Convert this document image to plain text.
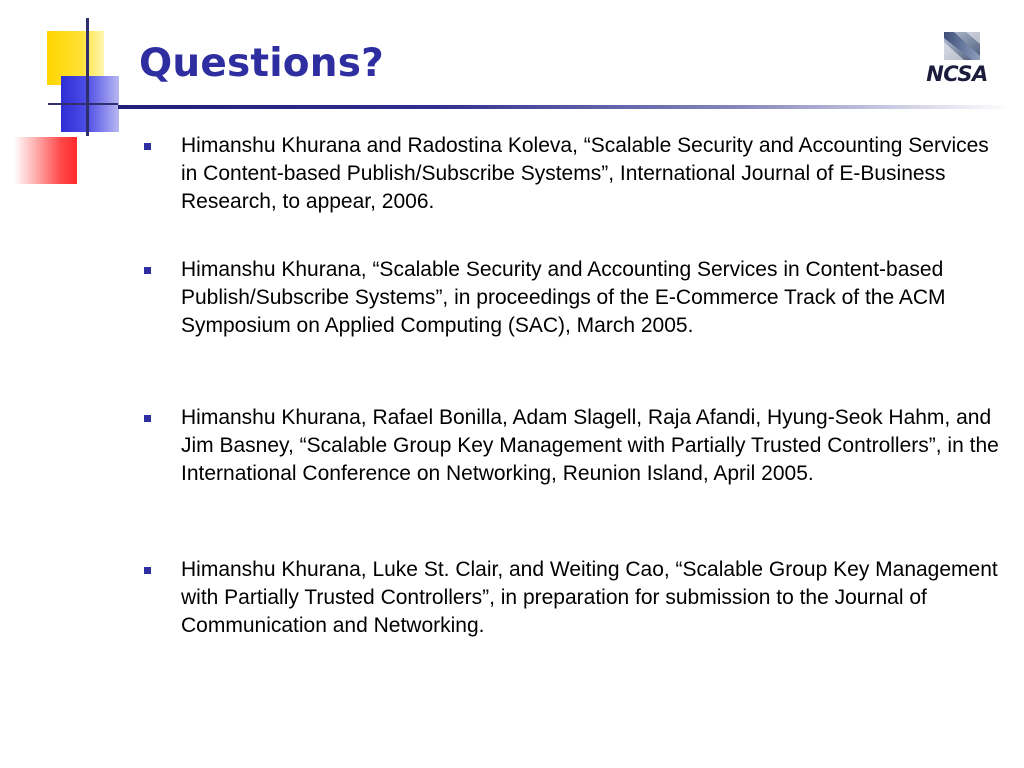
Questions?	NCSA
Himanshu Khurana and Radostina Koleva, “Scalable Security and Accounting Services in Content-based Publish/Subscribe Systems”, International Journal of E-Business Research, to appear, 2006.
Himanshu Khurana, “Scalable Security and Accounting Services in Content-based Publish/Subscribe Systems”, in proceedings of the E-Commerce Track of the ACM Symposium on Applied Computing (SAC), March 2005.
Himanshu Khurana, Rafael Bonilla, Adam Slagell, Raja Afandi, Hyung-Seok Hahm, and Jim Basney, “Scalable Group Key Management with Partially Trusted Controllers”, in the International Conference on Networking, Reunion Island, April 2005.
Himanshu Khurana, Luke St. Clair, and Weiting Cao, “Scalable Group Key Management with Partially Trusted Controllers”, in preparation for submission to the Journal of Communication and Networking.
